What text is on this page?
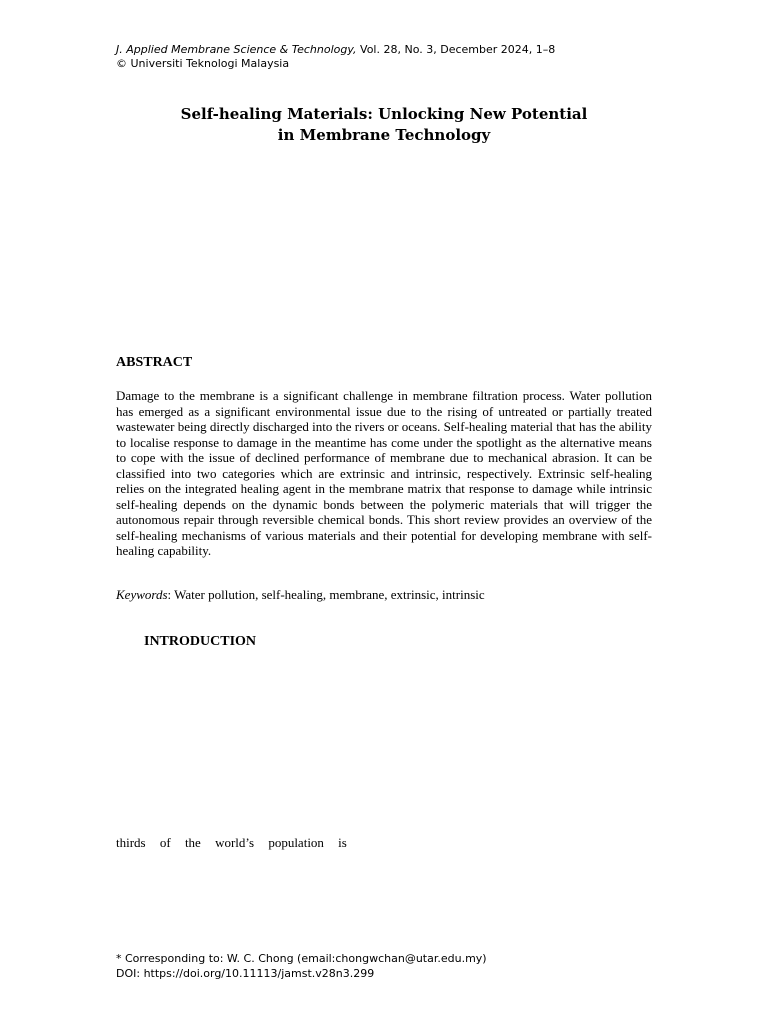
J. Applied Membrane Science & Technology, Vol. 28, No. 3, December 2024, 1–8
© Universiti Teknologi Malaysia
Self-healing Materials: Unlocking New Potential
in Membrane Technology
ABSTRACT
Damage to the membrane is a significant challenge in membrane filtration process. Water pollution has emerged as a significant environmental issue due to the rising of untreated or partially treated wastewater being directly discharged into the rivers or oceans. Self-healing material that has the ability to localise response to damage in the meantime has come under the spotlight as the alternative means to cope with the issue of declined performance of membrane due to mechanical abrasion. It can be classified into two categories which are extrinsic and intrinsic, respectively. Extrinsic self-healing relies on the integrated healing agent in the membrane matrix that response to damage while intrinsic self-healing depends on the dynamic bonds between the polymeric materials that will trigger the autonomous repair through reversible chemical bonds. This short review provides an overview of the self-healing mechanisms of various materials and their potential for developing membrane with self-healing capability.
Keywords: Water pollution, self-healing, membrane, extrinsic, intrinsic
INTRODUCTION
thirds of the world’s population is
* Corresponding to: W. C. Chong (email:chongwchan@utar.edu.my)
DOI: https://doi.org/10.11113/jamst.v28n3.299
